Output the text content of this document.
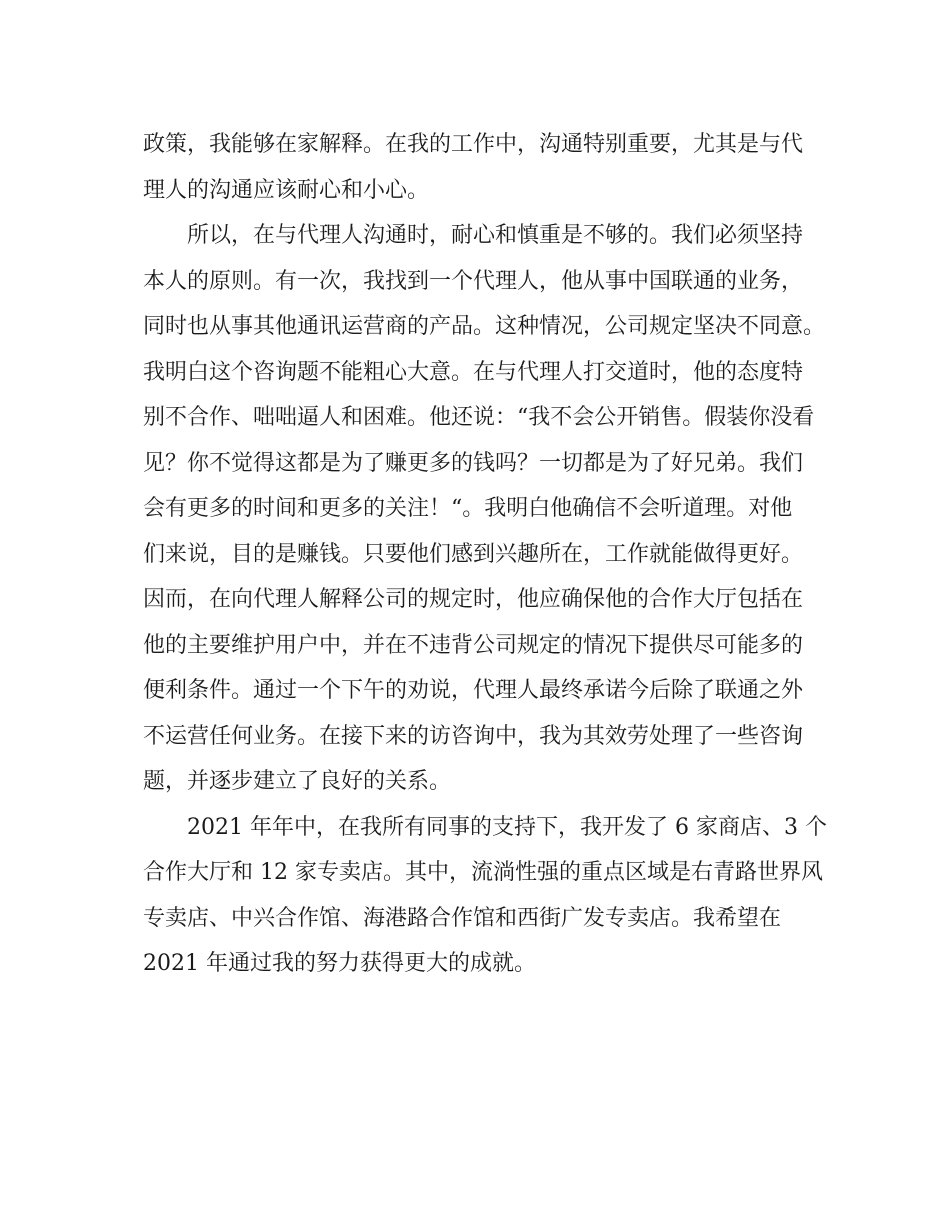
政策，我能够在家解释。在我的工作中，沟通特别重要，尤其是与代
理人的沟通应该耐心和小心。
所以，在与代理人沟通时，耐心和慎重是不够的。我们必须坚持
本人的原则。有一次，我找到一个代理人，他从事中国联通的业务，
同时也从事其他通讯运营商的产品。这种情况，公司规定坚决不同意。
我明白这个咨询题不能粗心大意。在与代理人打交道时，他的态度特
别不合作、咄咄逼人和困难。他还说：“我不会公开销售。假装你没看
见？你不觉得这都是为了赚更多的钱吗？一切都是为了好兄弟。我们
会有更多的时间和更多的关注！“。我明白他确信不会听道理。对他
们来说，目的是赚钱。只要他们感到兴趣所在，工作就能做得更好。
因而，在向代理人解释公司的规定时，他应确保他的合作大厅包括在
他的主要维护用户中，并在不违背公司规定的情况下提供尽可能多的
便利条件。通过一个下午的劝说，代理人最终承诺今后除了联通之外
不运营任何业务。在接下来的访咨询中，我为其效劳处理了一些咨询
题，并逐步建立了良好的关系。
2021 年年中，在我所有同事的支持下，我开发了 6 家商店、3 个
合作大厅和 12 家专卖店。其中，流淌性强的重点区域是右青路世界风
专卖店、中兴合作馆、海港路合作馆和西街广发专卖店。我希望在
2021 年通过我的努力获得更大的成就。
